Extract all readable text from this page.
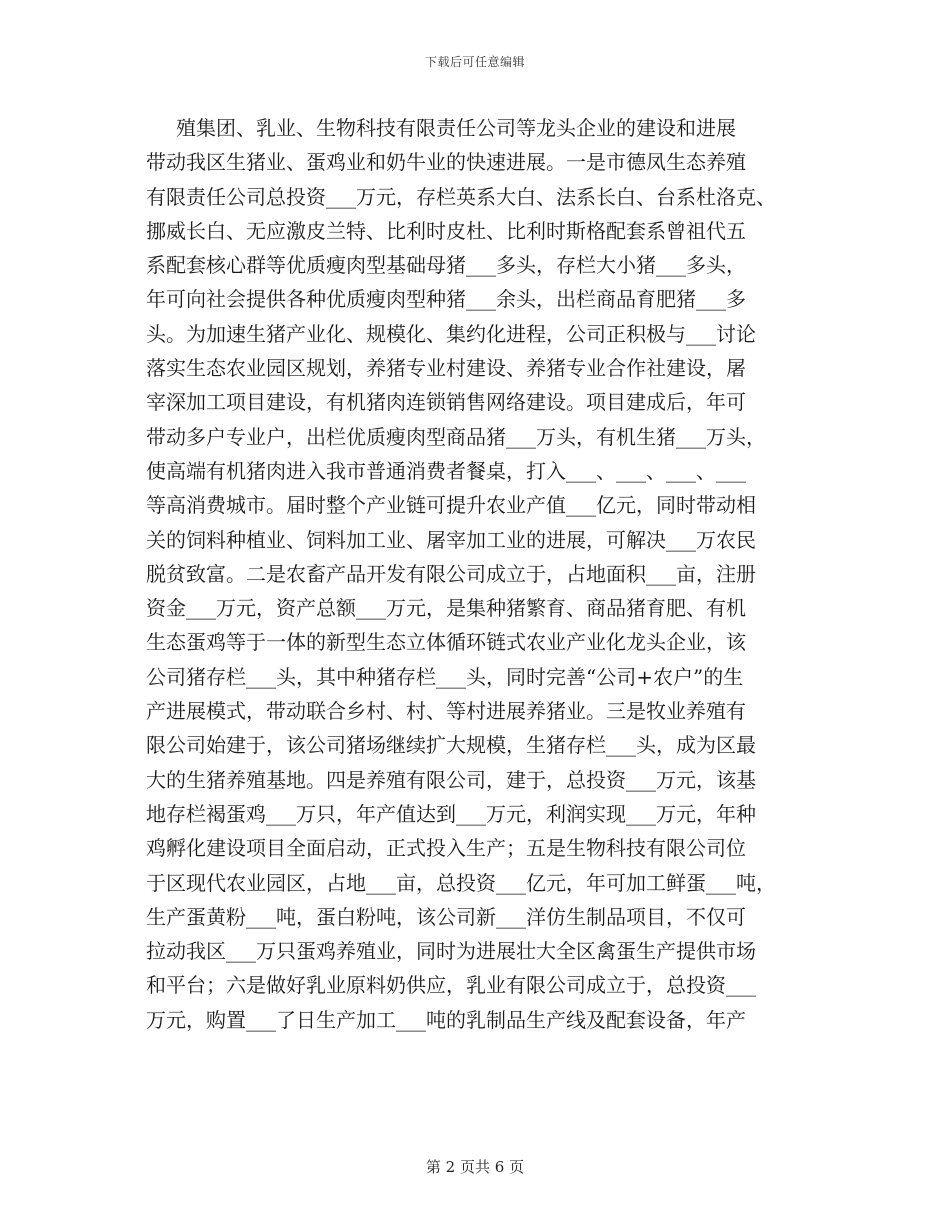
下载后可任意编辑
殖集团、乳业、生物科技有限责任公司等龙头企业的建设和进展
带动我区生猪业、蛋鸡业和奶牛业的快速进展。一是市德凤生态养殖
有限责任公司总投资___万元，存栏英系大白、法系长白、台系杜洛克、
挪威长白、无应激皮兰特、比利时皮杜、比利时斯格配套系曾祖代五
系配套核心群等优质瘦肉型基础母猪___多头，存栏大小猪___多头，
年可向社会提供各种优质瘦肉型种猪___余头，出栏商品育肥猪___多
头。为加速生猪产业化、规模化、集约化进程，公司正积极与___讨论
落实生态农业园区规划，养猪专业村建设、养猪专业合作社建设，屠
宰深加工项目建设，有机猪肉连锁销售网络建设。项目建成后，年可
带动多户专业户，出栏优质瘦肉型商品猪___万头，有机生猪___万头，
使高端有机猪肉进入我市普通消费者餐桌，打入___、___、___、___
等高消费城市。届时整个产业链可提升农业产值___亿元，同时带动相
关的饲料种植业、饲料加工业、屠宰加工业的进展，可解决___万农民
脱贫致富。二是农畜产品开发有限公司成立于，占地面积___亩，注册
资金___万元，资产总额___万元，是集种猪繁育、商品猪育肥、有机
生态蛋鸡等于一体的新型生态立体循环链式农业产业化龙头企业，该
公司猪存栏___头，其中种猪存栏___头，同时完善“公司+农户”的生
产进展模式，带动联合乡村、村、等村进展养猪业。三是牧业养殖有
限公司始建于，该公司猪场继续扩大规模，生猪存栏___头，成为区最
大的生猪养殖基地。四是养殖有限公司，建于，总投资___万元，该基
地存栏褐蛋鸡___万只，年产值达到___万元，利润实现___万元，年种
鸡孵化建设项目全面启动，正式投入生产；五是生物科技有限公司位
于区现代农业园区，占地___亩，总投资___亿元，年可加工鲜蛋___吨，
生产蛋黄粉___吨，蛋白粉吨，该公司新___洋仿生制品项目，不仅可
拉动我区___万只蛋鸡养殖业，同时为进展壮大全区禽蛋生产提供市场
和平台；六是做好乳业原料奶供应，乳业有限公司成立于，总投资___
万元，购置___了日生产加工___吨的乳制品生产线及配套设备，年产
第 2 页共 6 页
